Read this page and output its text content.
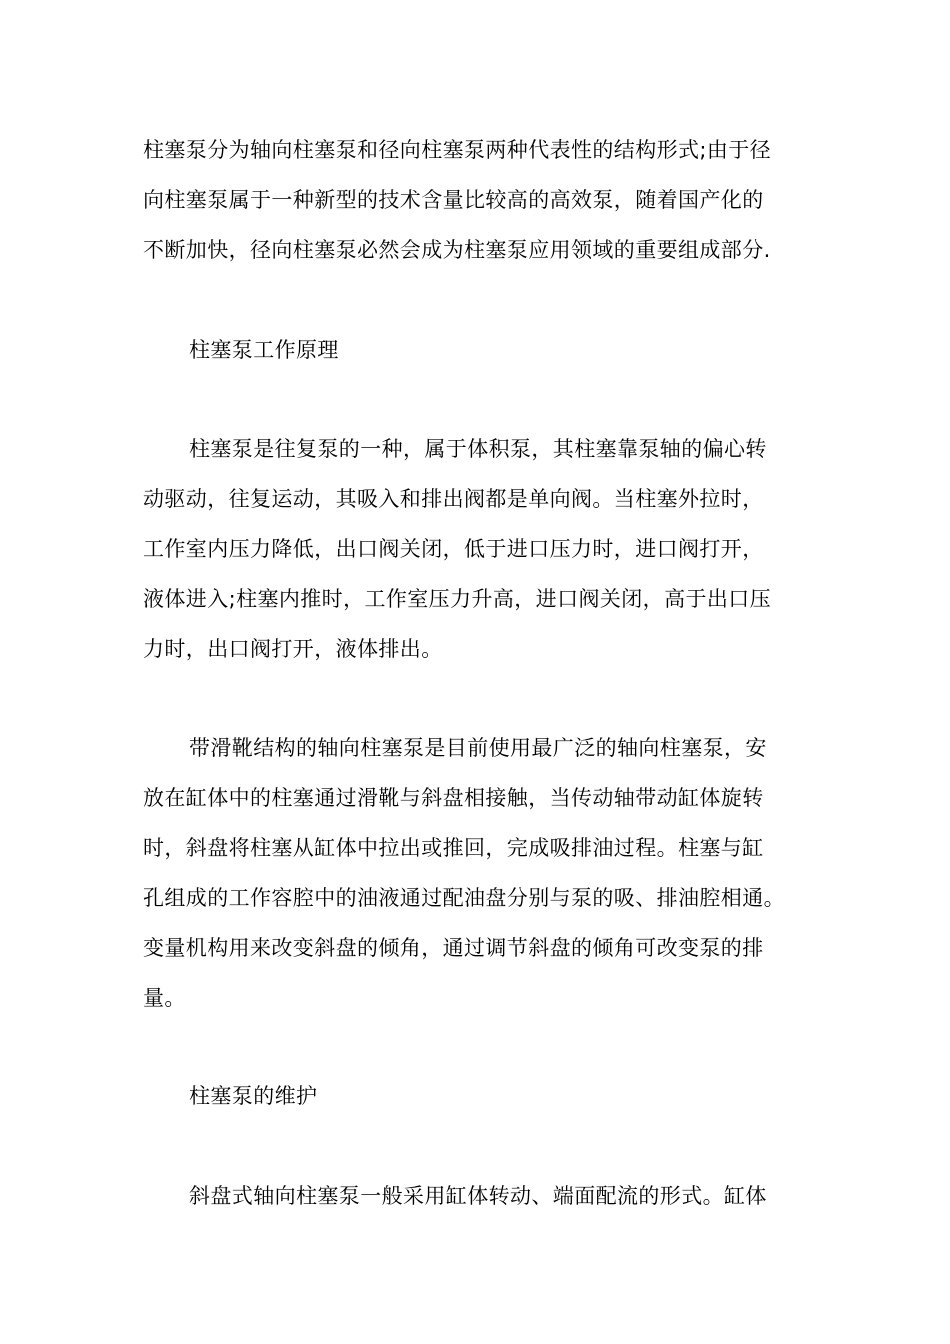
柱塞泵分为轴向柱塞泵和径向柱塞泵两种代表性的结构形式;由于径
向柱塞泵属于一种新型的技术含量比较高的高效泵，随着国产化的
不断加快，径向柱塞泵必然会成为柱塞泵应用领域的重要组成部分.

柱塞泵工作原理

柱塞泵是往复泵的一种，属于体积泵，其柱塞靠泵轴的偏心转
动驱动，往复运动，其吸入和排出阀都是单向阀。当柱塞外拉时，
工作室内压力降低，出口阀关闭，低于进口压力时，进口阀打开，
液体进入;柱塞内推时，工作室压力升高，进口阀关闭，高于出口压
力时，出口阀打开，液体排出。

带滑靴结构的轴向柱塞泵是目前使用最广泛的轴向柱塞泵，安
放在缸体中的柱塞通过滑靴与斜盘相接触，当传动轴带动缸体旋转
时，斜盘将柱塞从缸体中拉出或推回，完成吸排油过程。柱塞与缸
孔组成的工作容腔中的油液通过配油盘分别与泵的吸、排油腔相通。
变量机构用来改变斜盘的倾角，通过调节斜盘的倾角可改变泵的排
量。

柱塞泵的维护

斜盘式轴向柱塞泵一般采用缸体转动、端面配流的形式。缸体
